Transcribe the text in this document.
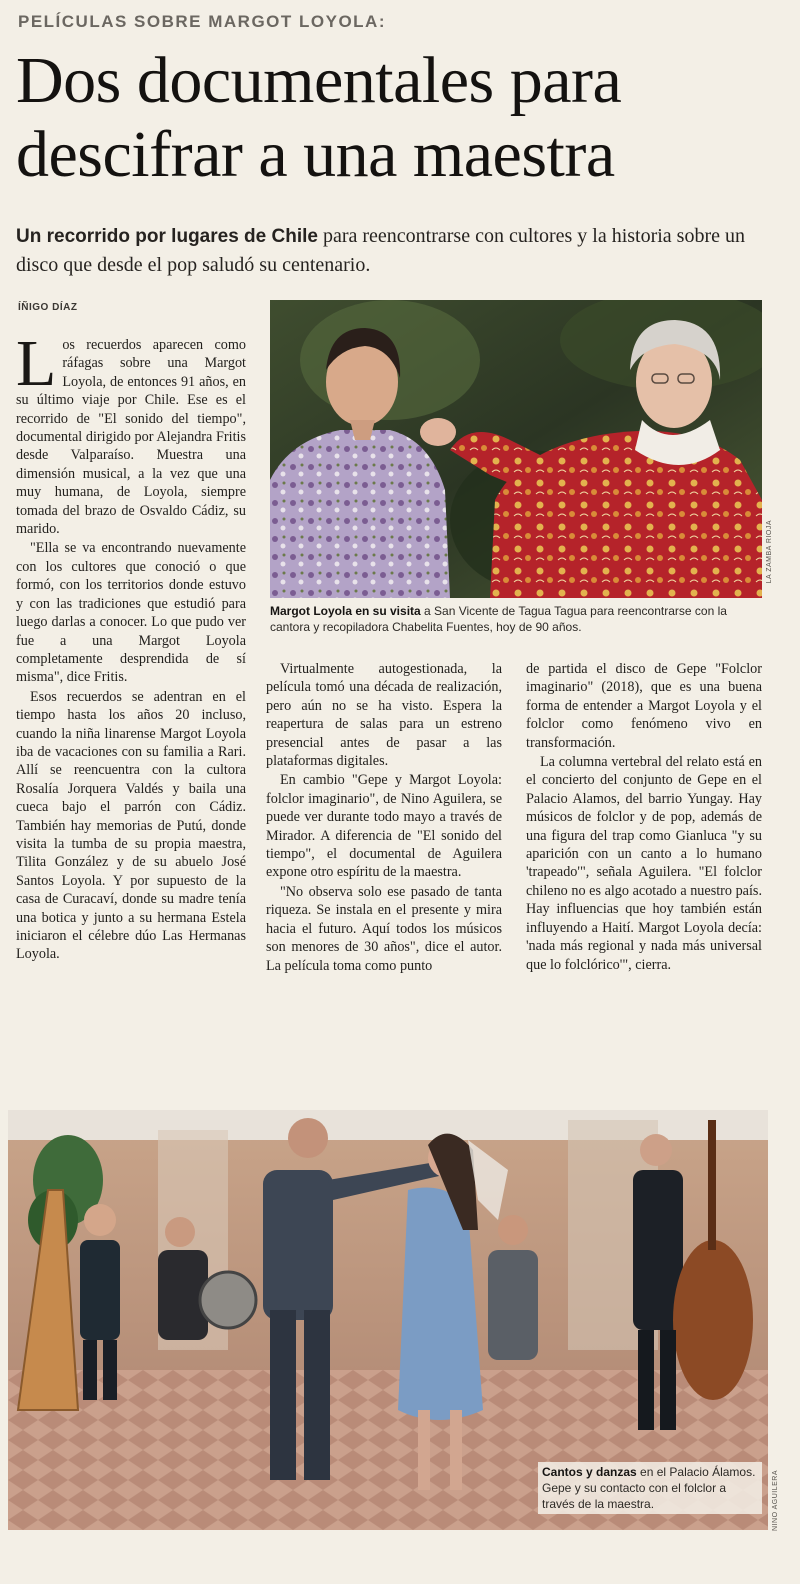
PELÍCULAS SOBRE MARGOT LOYOLA:
Dos documentales para descifrar a una maestra
Un recorrido por lugares de Chile para reencontrarse con cultores y la historia sobre un disco que desde el pop saludó su centenario.
ÍÑIGO DÍAZ
LA ZAMBA RIOJA
Margot Loyola en su visita a San Vicente de Tagua Tagua para reencontrarse con la cantora y recopiladora Chabelita Fuentes, hoy de 90 años.

Los recuerdos aparecen como ráfagas sobre una Margot Loyola, de entonces 91 años, en su último viaje por Chile. Ese es el recorrido de "El sonido del tiempo", documental dirigido por Alejandra Fritis desde Valparaíso. Muestra una dimensión musical, a la vez que una muy humana, de Loyola, siempre tomada del brazo de Osvaldo Cádiz, su marido.

"Ella se va encontrando nuevamente con los cultores que conoció o que formó, con los territorios donde estuvo y con las tradiciones que estudió para luego darlas a conocer. Lo que pudo ver fue a una Margot Loyola completamente desprendida de sí misma", dice Fritis.

Esos recuerdos se adentran en el tiempo hasta los años 20 incluso, cuando la niña linarense Margot Loyola iba de vacaciones con su familia a Rari. Allí se reencuentra con la cultora Rosalía Jorquera Valdés y baila una cueca bajo el parrón con Cádiz. También hay memorias de Putú, donde visita la tumba de su propia maestra, Tilita González y de su abuelo José Santos Loyola. Y por supuesto de la casa de Curacaví, donde su madre tenía una botica y junto a su hermana Estela iniciaron el célebre dúo Las Hermanas Loyola.

Virtualmente autogestionada, la película tomó una década de realización, pero aún no se ha visto. Espera la reapertura de salas para un estreno presencial antes de pasar a las plataformas digitales.

En cambio "Gepe y Margot Loyola: folclor imaginario", de Nino Aguilera, se puede ver durante todo mayo a través de Mirador. A diferencia de "El sonido del tiempo", el documental de Aguilera expone otro espíritu de la maestra.

"No observa solo ese pasado de tanta riqueza. Se instala en el presente y mira hacia el futuro. Aquí todos los músicos son menores de 30 años", dice el autor. La película toma como punto

de partida el disco de Gepe "Folclor imaginario" (2018), que es una buena forma de entender a Margot Loyola y el folclor como fenómeno vivo en transformación.

La columna vertebral del relato está en el concierto del conjunto de Gepe en el Palacio Alamos, del barrio Yungay. Hay músicos de folclor y de pop, además de una figura del trap como Gianluca "y su aparición con un canto a lo humano 'trapeado'", señala Aguilera. "El folclor chileno no es algo acotado a nuestro país. Hay influencias que hoy también están influyendo a Haití. Margot Loyola decía: 'nada más regional y nada más universal que lo folclórico'", cierra.

NINO AGUILERA
Cantos y danzas en el Palacio Álamos. Gepe y su contacto con el folclor a través de la maestra.
